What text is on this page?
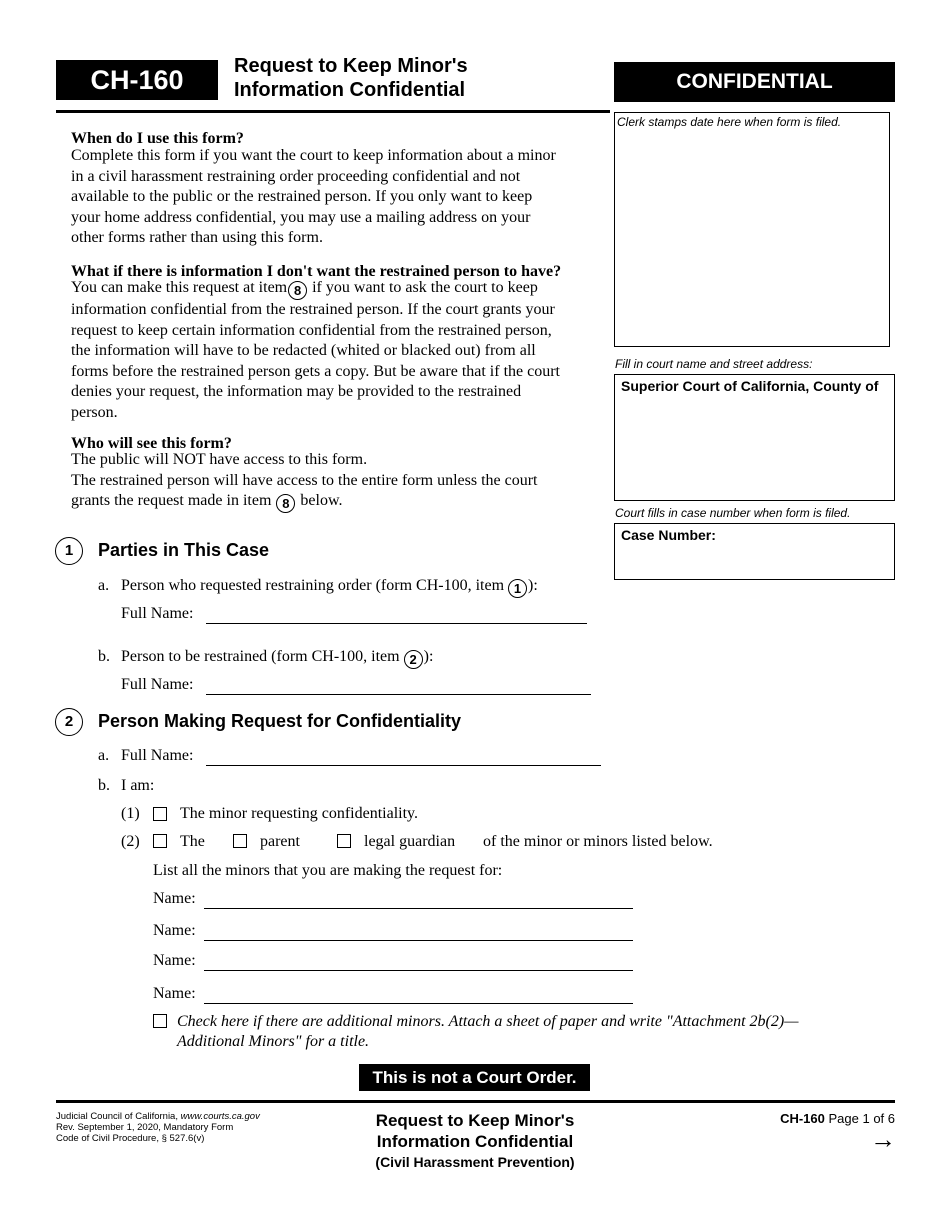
CH-160	Request to Keep Minor's
Information Confidential	CONFIDENTIAL
Clerk stamps date here when form is filed.
Fill in court name and street address:
Superior Court of California, County of
Court fills in case number when form is filed.
Case Number:
When do I use this form?
Complete this form if you want the court to keep information about a minor
in a civil harassment restraining order proceeding confidential and not
available to the public or the restrained person. If you only want to keep
your home address confidential, you may use a mailing address on your
other forms rather than using this form.
What if there is information I don't want the restrained person to have?
You can make this request at item 8 if you want to ask the court to keep
information confidential from the restrained person. If the court grants your
request to keep certain information confidential from the restrained person,
the information will have to be redacted (whited or blacked out) from all
forms before the restrained person gets a copy. But be aware that if the court
denies your request, the information may be provided to the restrained
person.
Who will see this form?
The public will NOT have access to this form.
The restrained person will have access to the entire form unless the court
grants the request made in item 8 below.
1	Parties in This Case
a. Person who requested restraining order (form CH-100, item 1 ):
Full Name:
b. Person to be restrained (form CH-100, item 2 ):
Full Name:
2	Person Making Request for Confidentiality
a. Full Name:
b. I am:
(1)	The minor requesting confidentiality.
(2)	The	parent	legal guardian of the minor or minors listed below.
List all the minors that you are making the request for:
Name:
Name:
Name:
Name:
Check here if there are additional minors. Attach a sheet of paper and write "Attachment 2b(2)—
Additional Minors" for a title.
This is not a Court Order.
Judicial Council of California, www.courts.ca.gov
Rev. September 1, 2020, Mandatory Form
Code of Civil Procedure, § 527.6(v)
Request to Keep Minor's
Information Confidential
(Civil Harassment Prevention)
CH-160 Page 1 of 6
→
